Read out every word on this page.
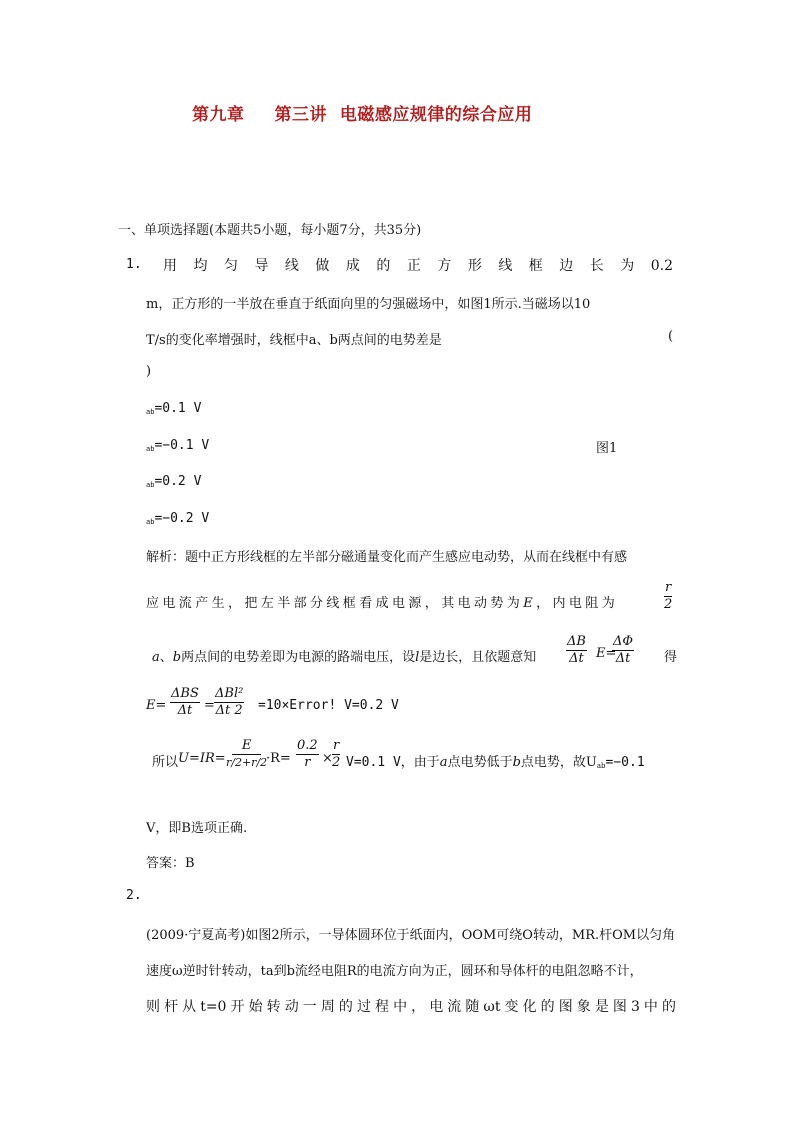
第九章 第三讲 电磁感应规律的综合应用
一、单项选择题(本题共5小题，每小题7分，共35分)
1. 用均匀导线做成的正方形线框边长为0.2
m，正方形的一半放在垂直于纸面向里的匀强磁场中，如图1所示.当磁场以10
T/s的变化率增强时，线框中a、b两点间的电势差是	(
)
$_{ab}$=0.1 V
$_{ab}$=−0.1 V	图1
$_{ab}$=0.2 V
$_{ab}$=−0.2 V
解析：题中正方形线框的左半部分磁通量变化而产生感应电动势，从而在线框中有感
应电流产生，把左半部分线框看成电源，其电动势为E，内电阻为	$\frac{r}{2}$
a、b两点间的电势差即为电源的路端电压，设l是边长，且依题意知 $\frac{\Delta B}{\Delta t} E=$
$\frac{\Delta\Phi}{\Delta t}$ 得
$E= \frac{\text{ΔBS}}{\Delta t} = \frac{\text{ΔBl²}}{\Delta t 2}$ =10×Error! V=0.2 V
所以 $U=IR= \frac{E}{r/2+r/2}$
$\cdot R= \frac{0.2}{r} \times \frac{r}{2} V=0.1$ V，由于a点电势低于b点电势，故$U_{ab}=-0.1$
V，即B选项正确.
答案：B
2.
(2009·宁夏高考)如图2所示，一导体圆环位于纸面内，OOM可绕O转动，MR.杆OM以匀角
速度ω逆时针转动，ta到b流经电阻R的电流方向为正，圆环和导体杆的电阻忽略不计，
则杆从t=0开始转动一周的过程中，电流随ωt变化的图象是图3中的
